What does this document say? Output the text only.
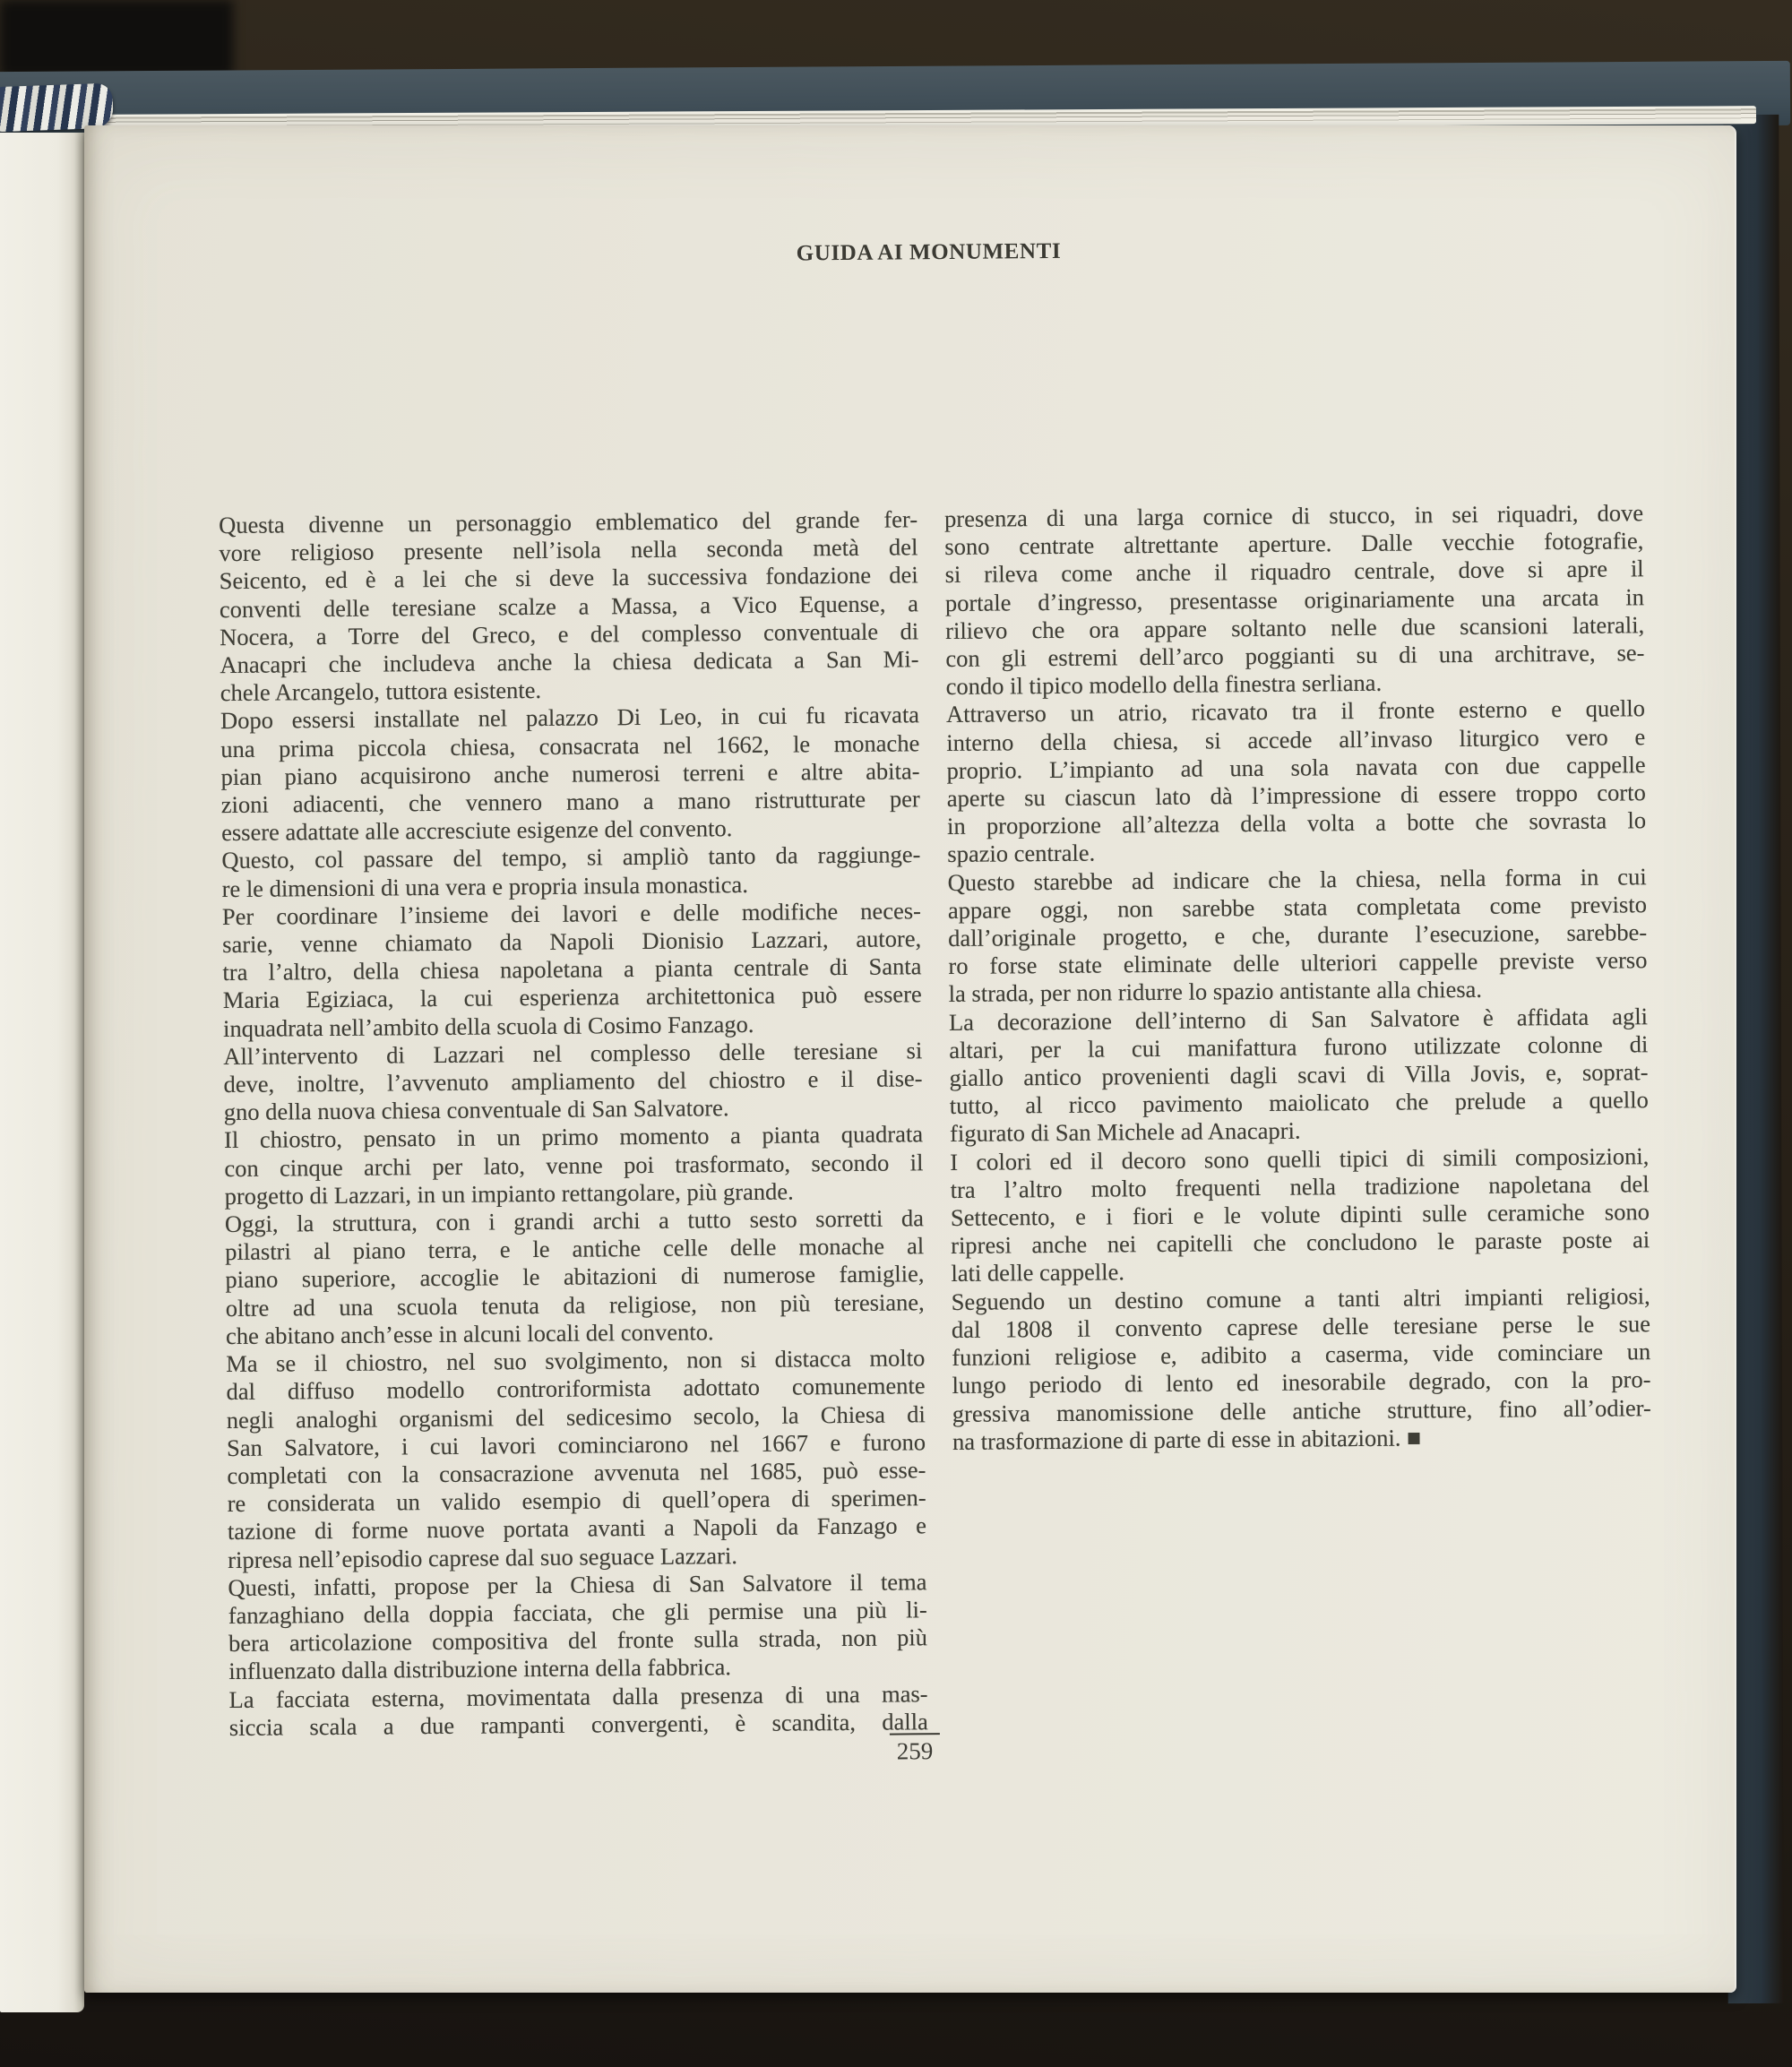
GUIDA AI MONUMENTI
Questa divenne un personaggio emblematico del grande fer-
vore religioso presente nell’isola nella seconda metà del
Seicento, ed è a lei che si deve la successiva fondazione dei
conventi delle teresiane scalze a Massa, a Vico Equense, a
Nocera, a Torre del Greco, e del complesso conventuale di
Anacapri che includeva anche la chiesa dedicata a San Mi-
chele Arcangelo, tuttora esistente.
Dopo essersi installate nel palazzo Di Leo, in cui fu ricavata
una prima piccola chiesa, consacrata nel 1662, le monache
pian piano acquisirono anche numerosi terreni e altre abita-
zioni adiacenti, che vennero mano a mano ristrutturate per
essere adattate alle accresciute esigenze del convento.
Questo, col passare del tempo, si ampliò tanto da raggiunge-
re le dimensioni di una vera e propria insula monastica.
Per coordinare l’insieme dei lavori e delle modifiche neces-
sarie, venne chiamato da Napoli Dionisio Lazzari, autore,
tra l’altro, della chiesa napoletana a pianta centrale di Santa
Maria Egiziaca, la cui esperienza architettonica può essere
inquadrata nell’ambito della scuola di Cosimo Fanzago.
All’intervento di Lazzari nel complesso delle teresiane si
deve, inoltre, l’avvenuto ampliamento del chiostro e il dise-
gno della nuova chiesa conventuale di San Salvatore.
Il chiostro, pensato in un primo momento a pianta quadrata
con cinque archi per lato, venne poi trasformato, secondo il
progetto di Lazzari, in un impianto rettangolare, più grande.
Oggi, la struttura, con i grandi archi a tutto sesto sorretti da
pilastri al piano terra, e le antiche celle delle monache al
piano superiore, accoglie le abitazioni di numerose famiglie,
oltre ad una scuola tenuta da religiose, non più teresiane,
che abitano anch’esse in alcuni locali del convento.
Ma se il chiostro, nel suo svolgimento, non si distacca molto
dal diffuso modello controriformista adottato comunemente
negli analoghi organismi del sedicesimo secolo, la Chiesa di
San Salvatore, i cui lavori cominciarono nel 1667 e furono
completati con la consacrazione avvenuta nel 1685, può esse-
re considerata un valido esempio di quell’opera di sperimen-
tazione di forme nuove portata avanti a Napoli da Fanzago e
ripresa nell’episodio caprese dal suo seguace Lazzari.
Questi, infatti, propose per la Chiesa di San Salvatore il tema
fanzaghiano della doppia facciata, che gli permise una più li-
bera articolazione compositiva del fronte sulla strada, non più
influenzato dalla distribuzione interna della fabbrica.
La facciata esterna, movimentata dalla presenza di una mas-
siccia scala a due rampanti convergenti, è scandita, dalla
presenza di una larga cornice di stucco, in sei riquadri, dove
sono centrate altrettante aperture. Dalle vecchie fotografie,
si rileva come anche il riquadro centrale, dove si apre il
portale d’ingresso, presentasse originariamente una arcata in
rilievo che ora appare soltanto nelle due scansioni laterali,
con gli estremi dell’arco poggianti su di una architrave, se-
condo il tipico modello della finestra serliana.
Attraverso un atrio, ricavato tra il fronte esterno e quello
interno della chiesa, si accede all’invaso liturgico vero e
proprio. L’impianto ad una sola navata con due cappelle
aperte su ciascun lato dà l’impressione di essere troppo corto
in proporzione all’altezza della volta a botte che sovrasta lo
spazio centrale.
Questo starebbe ad indicare che la chiesa, nella forma in cui
appare oggi, non sarebbe stata completata come previsto
dall’originale progetto, e che, durante l’esecuzione, sarebbe-
ro forse state eliminate delle ulteriori cappelle previste verso
la strada, per non ridurre lo spazio antistante alla chiesa.
La decorazione dell’interno di San Salvatore è affidata agli
altari, per la cui manifattura furono utilizzate colonne di
giallo antico provenienti dagli scavi di Villa Jovis, e, soprat-
tutto, al ricco pavimento maiolicato che prelude a quello
figurato di San Michele ad Anacapri.
I colori ed il decoro sono quelli tipici di simili composizioni,
tra l’altro molto frequenti nella tradizione napoletana del
Settecento, e i fiori e le volute dipinti sulle ceramiche sono
ripresi anche nei capitelli che concludono le paraste poste ai
lati delle cappelle.
Seguendo un destino comune a tanti altri impianti religiosi,
dal 1808 il convento caprese delle teresiane perse le sue
funzioni religiose e, adibito a caserma, vide cominciare un
lungo periodo di lento ed inesorabile degrado, con la pro-
gressiva manomissione delle antiche strutture, fino all’odier-
na trasformazione di parte di esse in abitazioni. ■
259
